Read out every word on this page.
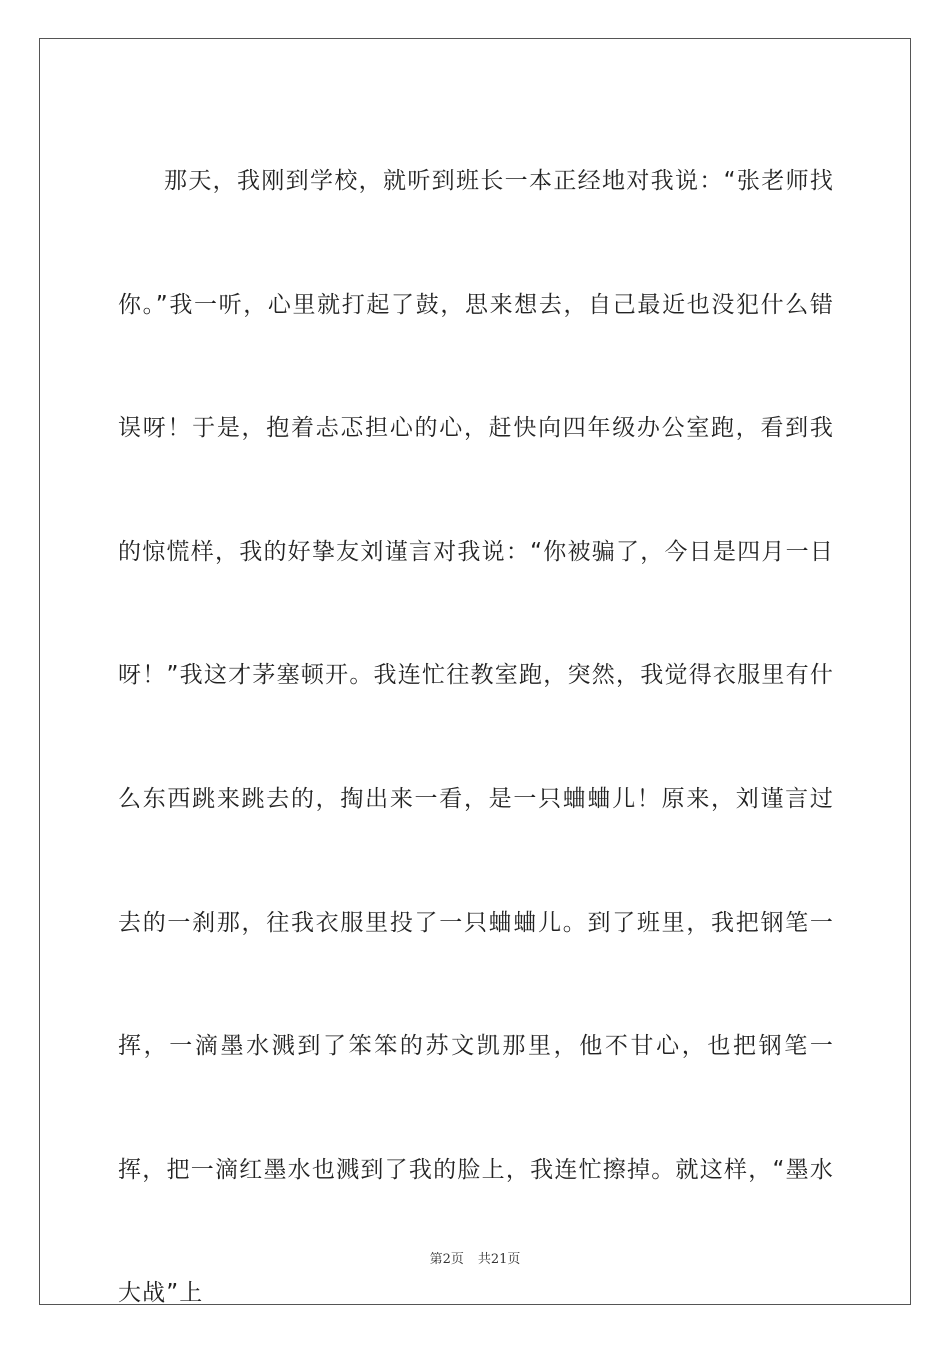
那天，我刚到学校，就听到班长一本正经地对我说：“张老师找你。”我一听，心里就打起了鼓，思来想去，自己最近也没犯什么错误呀！于是，抱着忐忑担心的心，赶快向四年级办公室跑，看到我的惊慌样，我的好挚友刘谨言对我说：“你被骗了，今日是四月一日呀！”我这才茅塞顿开。我连忙往教室跑，突然，我觉得衣服里有什么东西跳来跳去的，掏出来一看，是一只蛐蛐儿！原来，刘谨言过去的一刹那，往我衣服里投了一只蛐蛐儿。到了班里，我把钢笔一挥，一滴墨水溅到了笨笨的苏文凯那里，他不甘心，也把钢笔一挥，把一滴红墨水也溅到了我的脸上，我连忙擦掉。就这样，“墨水大战”上

第2页 共21页
